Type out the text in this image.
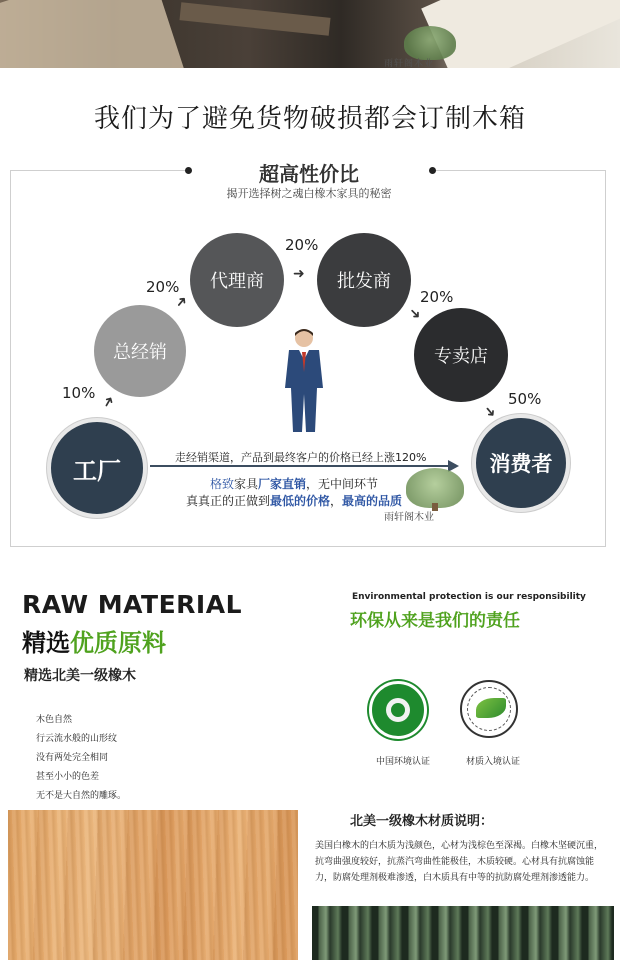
雨轩阁木业
我们为了避免货物破损都会订制木箱
超高性价比
揭开选择树之魂白橡木家具的秘密
工厂
总经销
代理商	批发商
专卖店
消费者
10%
20%
20%
20%
50%
➜
➜
➜
➜
➜
走经销渠道，产品到最终客户的价格已经上涨120%
格致家具厂家直销，无中间环节
真真正的正做到最低的价格，最高的品质
雨轩阁木业
RAW MATERIAL
精选优质原料
精选北美一级橡木
木色自然
行云流水般的山形纹
没有两处完全相同
甚至小小的色差
无不是大自然的雕琢。
Environmental protection is our responsibility
环保从来是我们的责任
中国环境认证	材质入境认证
北美一级橡木材质说明：
美国白橡木的白木质为浅颜色，心材为浅棕色至深褐。白橡木坚硬沉重，抗弯曲强度较好，抗蒸汽弯曲性能极佳，木质较硬。心材具有抗腐蚀能力，防腐处理剂极难渗透，白木质具有中等的抗防腐处理剂渗透能力。
